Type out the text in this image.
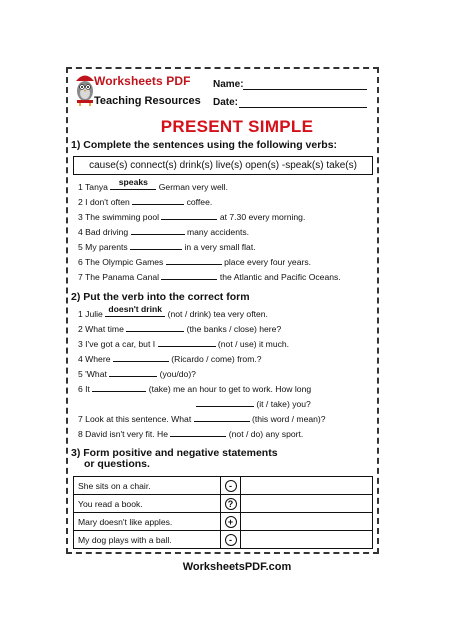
Worksheets PDF
Teaching Resources
Name:
Date:
PRESENT SIMPLE
1) Complete the sentences using the following verbs:
cause(s) connect(s) drink(s) live(s) open(s) -speak(s) take(s)
1 Tanya speaks German very well.
2 I don't often	coffee.
3 The swimming pool	at 7.30 every morning.
4 Bad driving	many accidents.
5 My parents	in a very small flat.
6 The Olympic Games	place every four years.
7 The Panama Canal	the Atlantic and Pacific Oceans.
2) Put the verb into the correct form
1 Julie doesn't drink (not / drink) tea very often.
2 What time	(the banks / close) here?
3 I've got a car, but I	(not / use) it much.
4 Where	(Ricardo / come) from.?
5 'What	(you/do)?
6 It	(take) me an hour to get to work. How long
(it / take) you?
7 Look at this sentence. What	(this word / mean)?
8 David isn't very fit. He	(not / do) any sport.
3) Form positive and negative statements
or questions.
She sits on a chair.	-	
You read a book.	?	
Mary doesn't like apples.	+	
My dog plays with a ball.	-	
WorksheetsPDF.com
